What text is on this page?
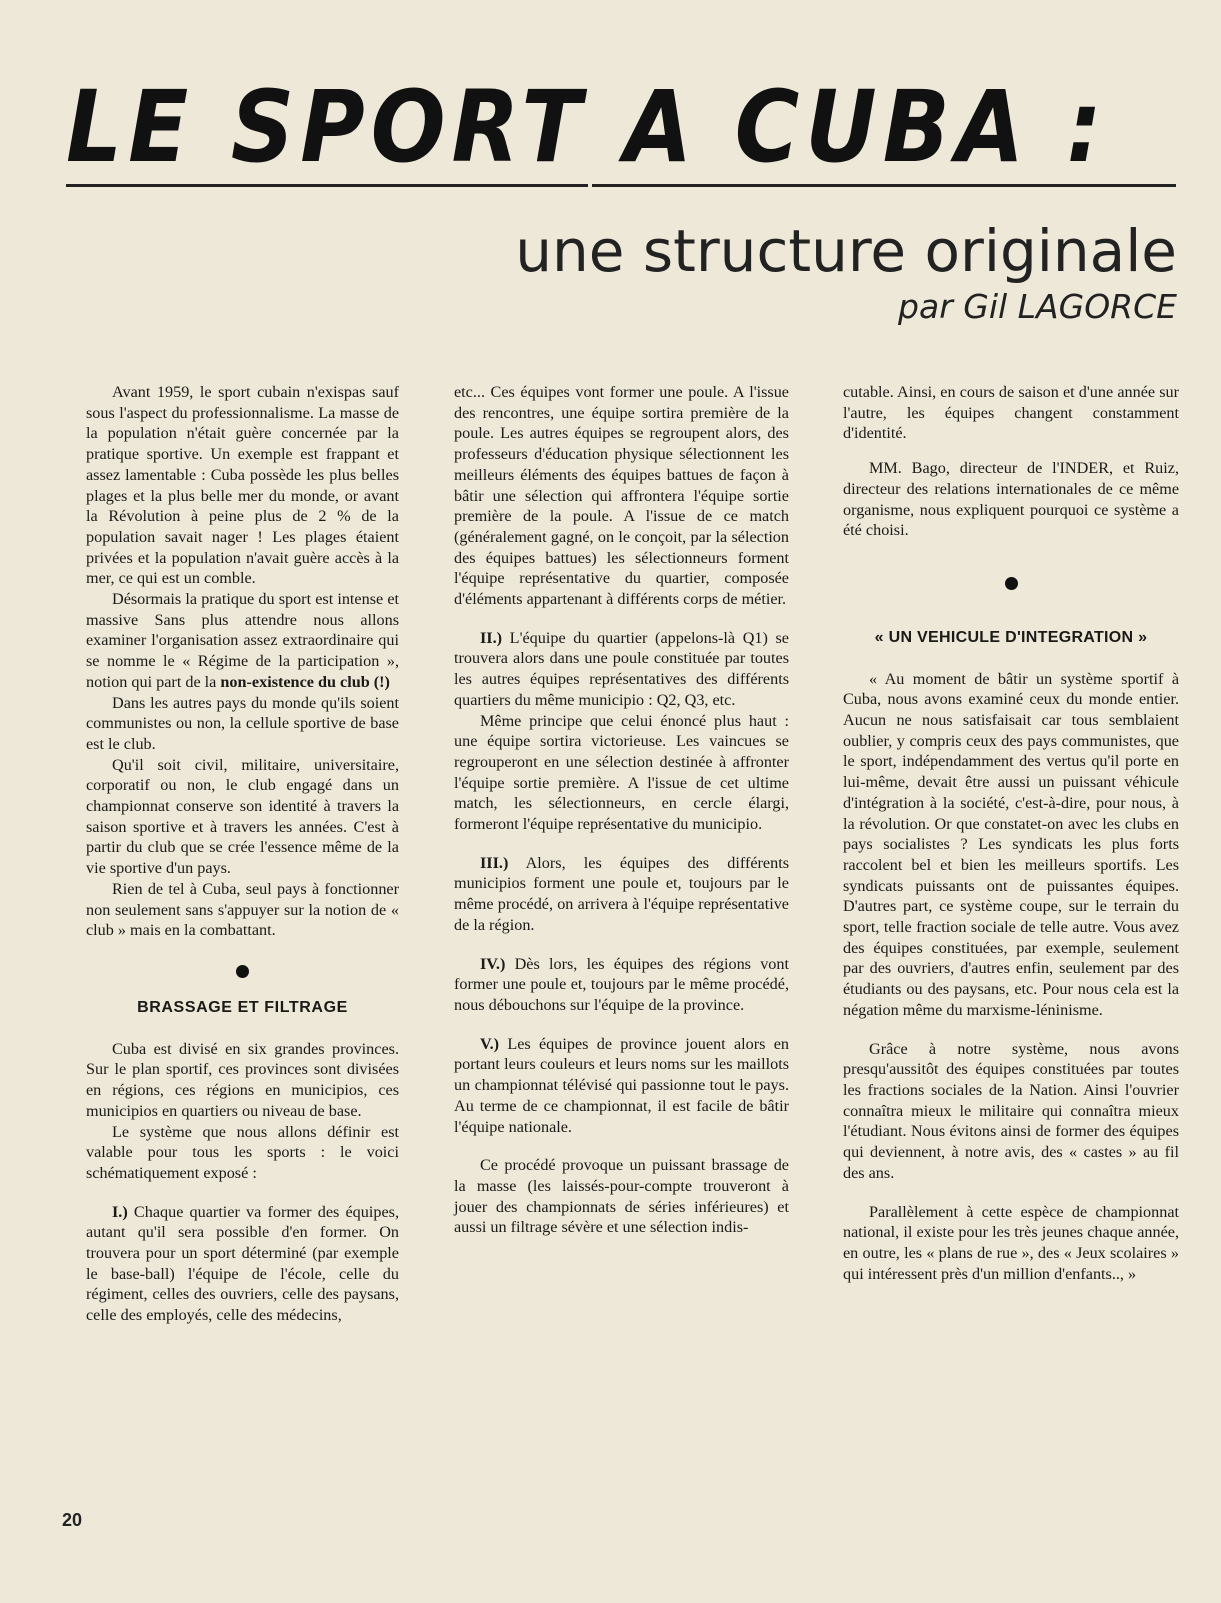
LE SPORT A CUBA :
une structure originale
par Gil LAGORCE

Avant 1959, le sport cubain n'exispas sauf sous l'aspect du professionnalisme. La masse de la population n'était guère concernée par la pratique sportive. Un exemple est frappant et assez lamentable : Cuba possède les plus belles plages et la plus belle mer du monde, or avant la Révolution à peine plus de 2 % de la population savait nager ! Les plages étaient privées et la population n'avait guère accès à la mer, ce qui est un comble.

Désormais la pratique du sport est intense et massive Sans plus attendre nous allons examiner l'organisation assez extraordinaire qui se nomme le « Régime de la participation », notion qui part de la non-existence du club (!)

Dans les autres pays du monde qu'ils soient communistes ou non, la cellule sportive de base est le club.

Qu'il soit civil, militaire, universitaire, corporatif ou non, le club engagé dans un championnat conserve son identité à travers la saison sportive et à travers les années. C'est à partir du club que se crée l'essence même de la vie sportive d'un pays.

Rien de tel à Cuba, seul pays à fonctionner non seulement sans s'appuyer sur la notion de « club » mais en la combattant.

BRASSAGE ET FILTRAGE

Cuba est divisé en six grandes provinces. Sur le plan sportif, ces provinces sont divisées en régions, ces régions en municipios, ces municipios en quartiers ou niveau de base.

Le système que nous allons définir est valable pour tous les sports : le voici schématiquement exposé :

I.) Chaque quartier va former des équipes, autant qu'il sera possible d'en former. On trouvera pour un sport déterminé (par exemple le base-ball) l'équipe de l'école, celle du régiment, celles des ouvriers, celle des paysans, celle des employés, celle des médecins,

etc... Ces équipes vont former une poule. A l'issue des rencontres, une équipe sortira première de la poule. Les autres équipes se regroupent alors, des professeurs d'éducation physique sélectionnent les meilleurs éléments des équipes battues de façon à bâtir une sélection qui affrontera l'équipe sortie première de la poule. A l'issue de ce match (généralement gagné, on le conçoit, par la sélection des équipes battues) les sélectionneurs forment l'équipe représentative du quartier, composée d'éléments appartenant à différents corps de métier.

II.) L'équipe du quartier (appelons-là Q1) se trouvera alors dans une poule constituée par toutes les autres équipes représentatives des différents quartiers du même municipio : Q2, Q3, etc.

Même principe que celui énoncé plus haut : une équipe sortira victorieuse. Les vaincues se regrouperont en une sélection destinée à affronter l'équipe sortie première. A l'issue de cet ultime match, les sélectionneurs, en cercle élargi, formeront l'équipe représentative du municipio.

III.) Alors, les équipes des différents municipios forment une poule et, toujours par le même procédé, on arrivera à l'équipe représentative de la région.

IV.) Dès lors, les équipes des régions vont former une poule et, toujours par le même procédé, nous débouchons sur l'équipe de la province.

V.) Les équipes de province jouent alors en portant leurs couleurs et leurs noms sur les maillots un championnat télévisé qui passionne tout le pays. Au terme de ce championnat, il est facile de bâtir l'équipe nationale.

Ce procédé provoque un puissant brassage de la masse (les laissés-pour-compte trouveront à jouer des championnats de séries inférieures) et aussi un filtrage sévère et une sélection indis-

cutable. Ainsi, en cours de saison et d'une année sur l'autre, les équipes changent constamment d'identité.

MM. Bago, directeur de l'INDER, et Ruiz, directeur des relations internationales de ce même organisme, nous expliquent pourquoi ce système a été choisi.

« UN VEHICULE D'INTEGRATION »

« Au moment de bâtir un système sportif à Cuba, nous avons examiné ceux du monde entier. Aucun ne nous satisfaisait car tous semblaient oublier, y compris ceux des pays communistes, que le sport, indépendamment des vertus qu'il porte en lui-même, devait être aussi un puissant véhicule d'intégration à la société, c'est-à-dire, pour nous, à la révolution. Or que constatet-on avec les clubs en pays socialistes ? Les syndicats les plus forts raccolent bel et bien les meilleurs sportifs. Les syndicats puissants ont de puissantes équipes. D'autres part, ce système coupe, sur le terrain du sport, telle fraction sociale de telle autre. Vous avez des équipes constituées, par exemple, seulement par des ouvriers, d'autres enfin, seulement par des étudiants ou des paysans, etc. Pour nous cela est la négation même du marxisme-léninisme.

Grâce à notre système, nous avons presqu'aussitôt des équipes constituées par toutes les fractions sociales de la Nation. Ainsi l'ouvrier connaîtra mieux le militaire qui connaîtra mieux l'étudiant. Nous évitons ainsi de former des équipes qui deviennent, à notre avis, des « castes » au fil des ans.

Parallèlement à cette espèce de championnat national, il existe pour les très jeunes chaque année, en outre, les « plans de rue », des « Jeux scolaires » qui intéressent près d'un million d'enfants.., »

20
